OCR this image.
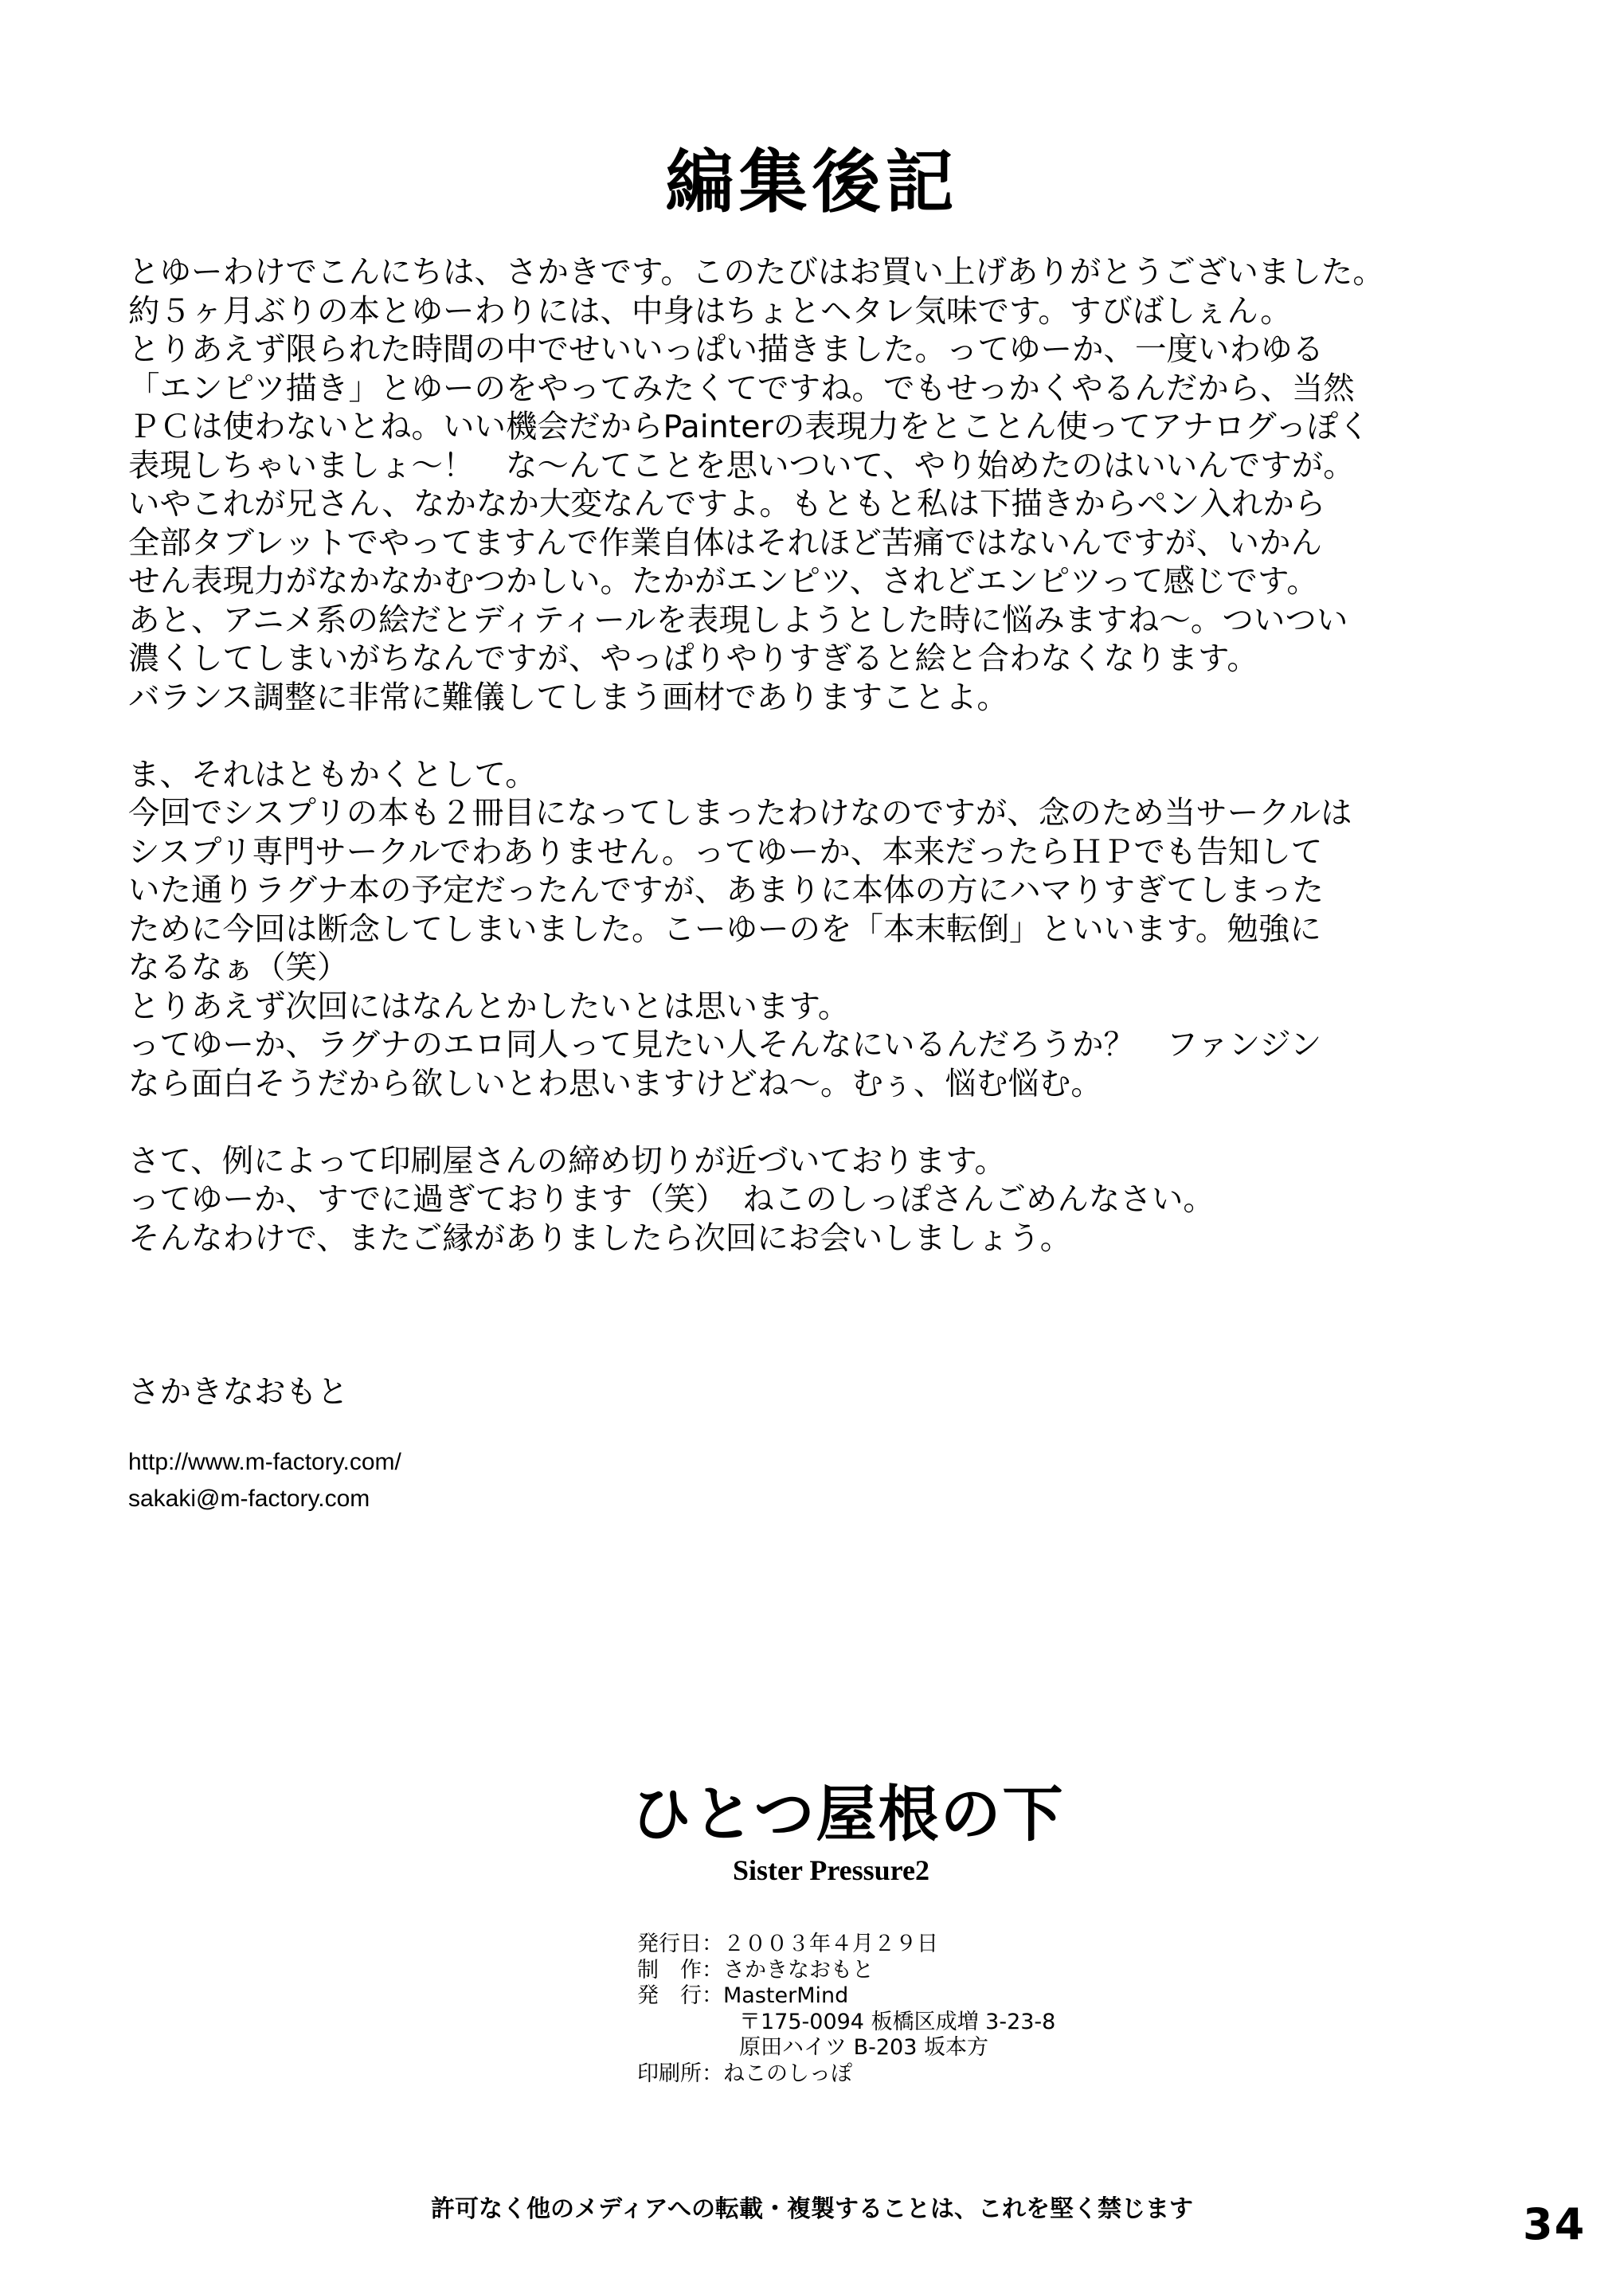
編集後記
とゆーわけでこんにちは、さかきです。このたびはお買い上げありがとうございました。
約５ヶ月ぶりの本とゆーわりには、中身はちょとヘタレ気味です。すびばしぇん。
とりあえず限られた時間の中でせいいっぱい描きました。ってゆーか、一度いわゆる
「エンピツ描き」とゆーのをやってみたくてですね。でもせっかくやるんだから、当然
ＰＣは使わないとね。いい機会だからPainterの表現力をとことん使ってアナログっぽく
表現しちゃいましょ～！　な～んてことを思いついて、やり始めたのはいいんですが。
いやこれが兄さん、なかなか大変なんですよ。もともと私は下描きからペン入れから
全部タブレットでやってますんで作業自体はそれほど苦痛ではないんですが、いかん
せん表現力がなかなかむつかしい。たかがエンピツ、されどエンピツって感じです。
あと、アニメ系の絵だとディティールを表現しようとした時に悩みますね～。ついつい
濃くしてしまいがちなんですが、やっぱりやりすぎると絵と合わなくなります。
バランス調整に非常に難儀してしまう画材でありますことよ。
ま、それはともかくとして。
今回でシスプリの本も２冊目になってしまったわけなのですが、念のため当サークルは
シスプリ専門サークルでわありません。ってゆーか、本来だったらＨＰでも告知して
いた通りラグナ本の予定だったんですが、あまりに本体の方にハマりすぎてしまった
ために今回は断念してしまいました。こーゆーのを「本末転倒」といいます。勉強に
なるなぁ（笑）
とりあえず次回にはなんとかしたいとは思います。
ってゆーか、ラグナのエロ同人って見たい人そんなにいるんだろうか？　ファンジン
なら面白そうだから欲しいとわ思いますけどね～。むぅ、悩む悩む。
さて、例によって印刷屋さんの締め切りが近づいております。
ってゆーか、すでに過ぎております（笑）　ねこのしっぽさんごめんなさい。
そんなわけで、またご縁がありましたら次回にお会いしましょう。
さかきなおもと
http://www.m-factory.com/
sakaki@m-factory.com
ひとつ屋根の下
Sister Pressure2
発行日：２００３年４月２９日
制　作：さかきなおもと
発　行：MasterMind
〒175-0094 板橋区成増 3-23-8
原田ハイツ B-203 坂本方
印刷所：ねこのしっぽ
許可なく他のメディアへの転載・複製することは、これを堅く禁じます	34
